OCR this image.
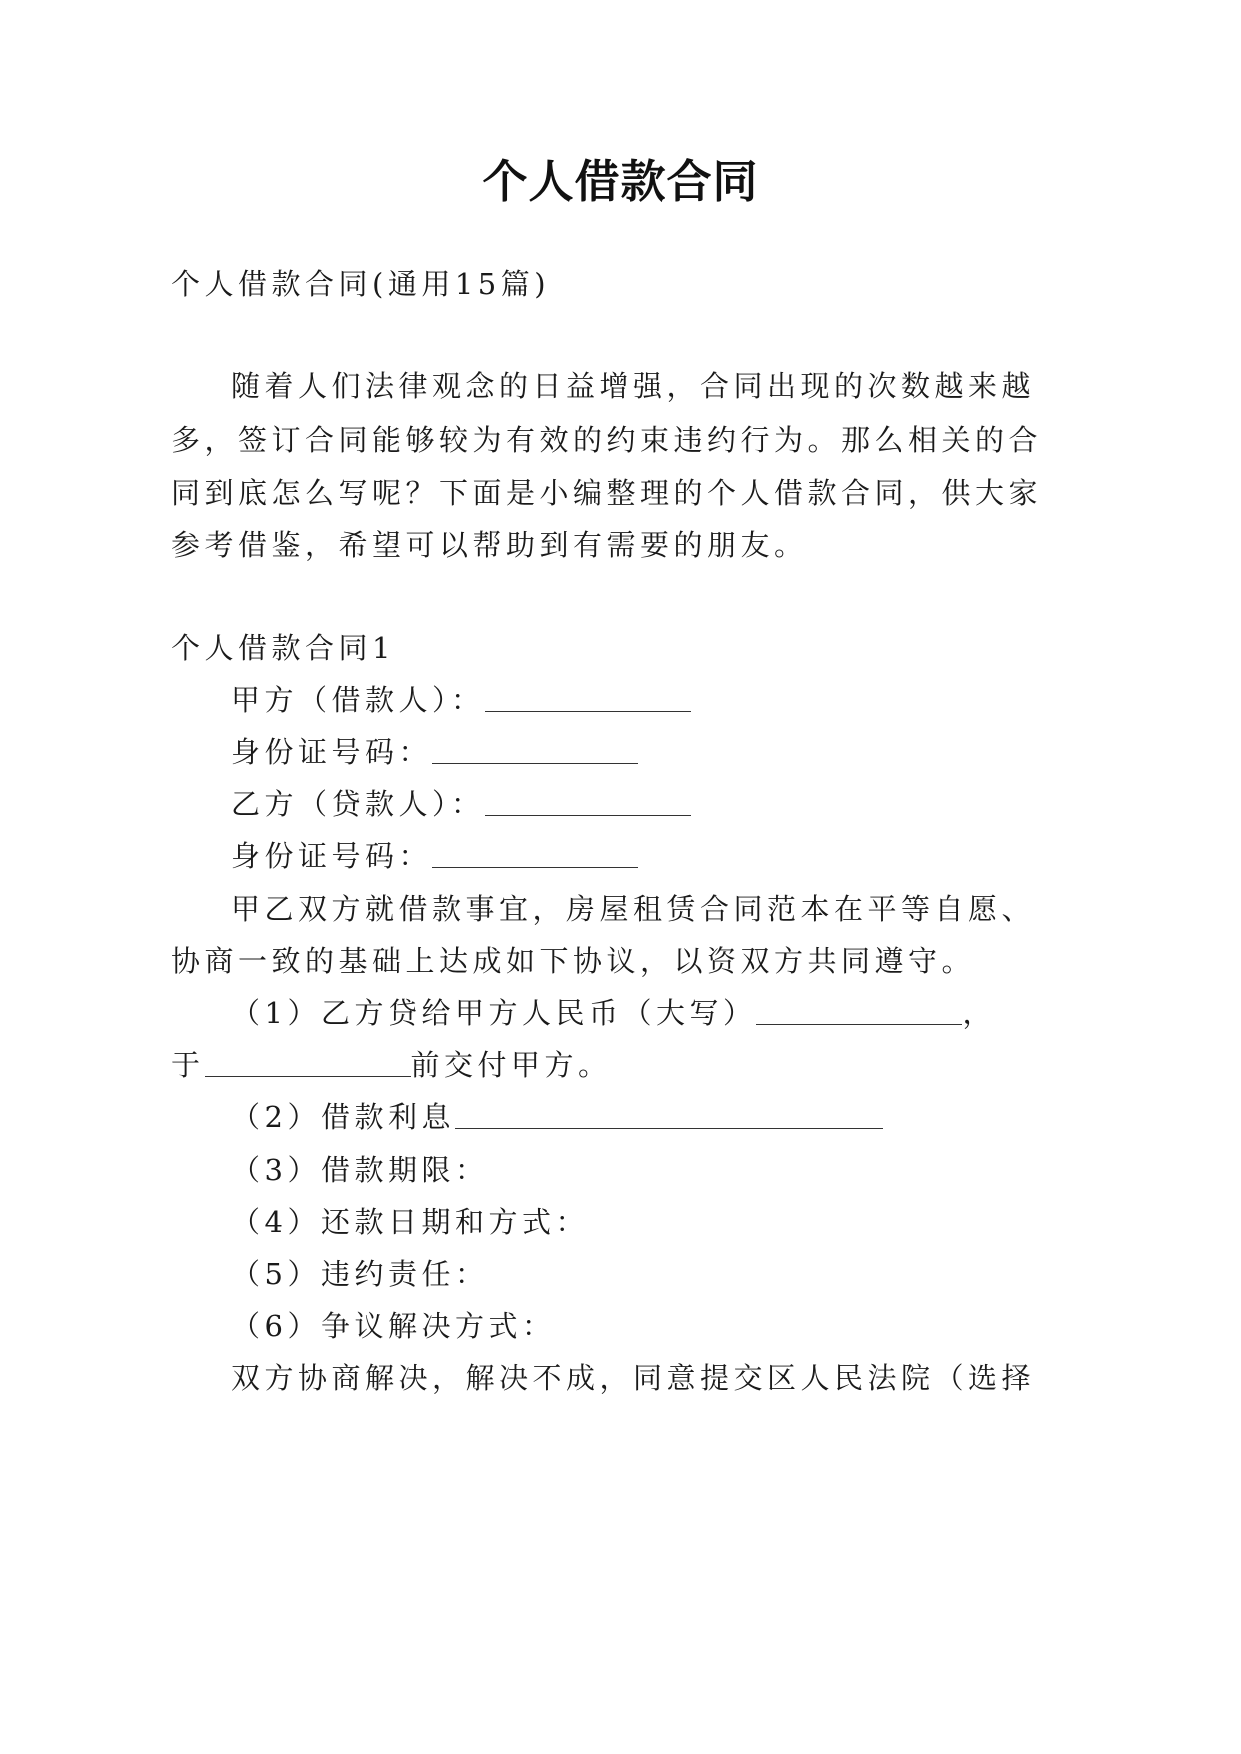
个人借款合同
个人借款合同(通用15篇)
随着人们法律观念的日益增强，合同出现的次数越来越
多，签订合同能够较为有效的约束违约行为。那么相关的合
同到底怎么写呢？下面是小编整理的个人借款合同，供大家
参考借鉴，希望可以帮助到有需要的朋友。
个人借款合同1
甲方（借款人）：
身份证号码：
乙方（贷款人）：
身份证号码：
甲乙双方就借款事宜，房屋租赁合同范本在平等自愿、
协商一致的基础上达成如下协议，以资双方共同遵守。
（1）乙方贷给甲方人民币（大写）	，
于	前交付甲方。
（2）借款利息
（3）借款期限：
（4）还款日期和方式：
（5）违约责任：
（6）争议解决方式：
双方协商解决，解决不成，同意提交区人民法院（选择
